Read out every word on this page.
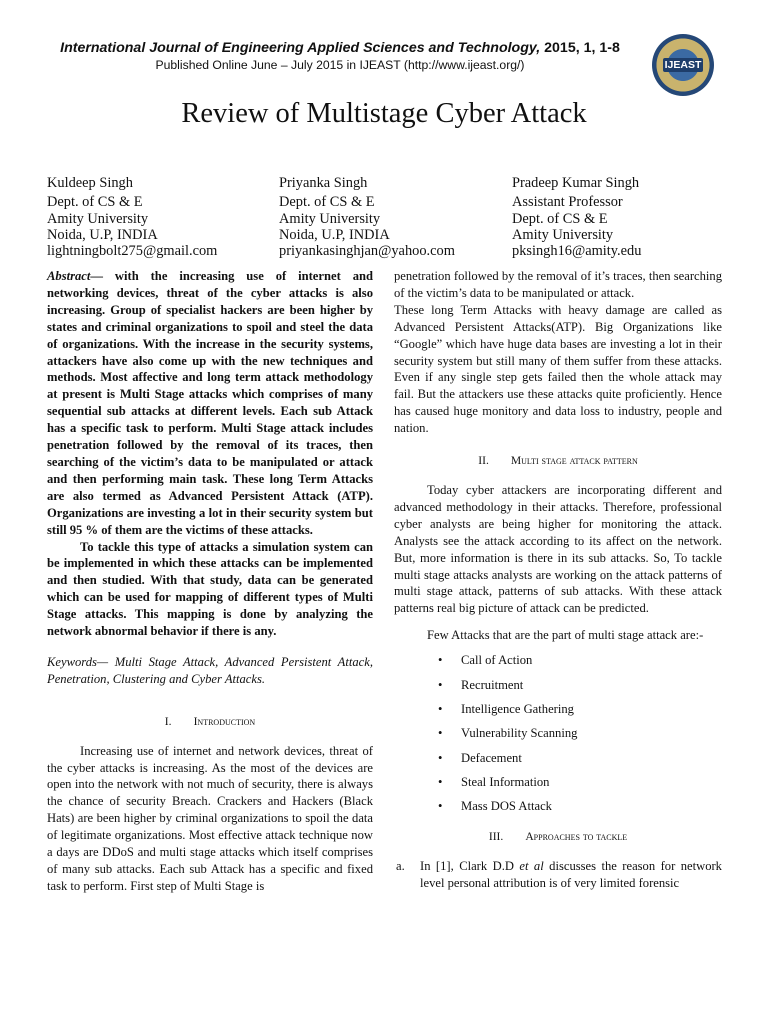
International Journal of Engineering Applied Sciences and Technology, 2015, 1, 1-8
Published Online June – July 2015 in IJEAST (http://www.ijeast.org/)	IJEAST
Review of Multistage Cyber Attack
Kuldeep Singh
Dept. of CS & E
Amity University
Noida, U.P, INDIA
lightningbolt275@gmail.com
Priyanka Singh
Dept. of CS & E
Amity University
Noida, U.P, INDIA
priyankasinghjan@yahoo.com
Pradeep Kumar Singh
Assistant Professor
Dept. of CS & E
Amity University
pksingh16@amity.edu

Abstract— with the increasing use of internet and networking devices, threat of the cyber attacks is also increasing. Group of specialist hackers are been higher by states and criminal organizations to spoil and steel the data of organizations. With the increase in the security systems, attackers have also come up with the new techniques and methods. Most affective and long term attack methodology at present is Multi Stage attacks which comprises of many sequential sub attacks at different levels. Each sub Attack has a specific task to perform. Multi Stage attack includes penetration followed by the removal of its traces, then searching of the victim’s data to be manipulated or attack and then performing main task. These long Term Attacks are also termed as Advanced Persistent Attack (ATP). Organizations are investing a lot in their security system but still 95 % of them are the victims of these attacks.

To tackle this type of attacks a simulation system can be implemented in which these attacks can be implemented and then studied. With that study, data can be generated which can be used for mapping of different types of Multi Stage attacks. This mapping is done by analyzing the network abnormal behavior if there is any.

Keywords— Multi Stage Attack, Advanced Persistent Attack, Penetration, Clustering and Cyber Attacks.

I. Introduction

Increasing use of internet and network devices, threat of the cyber attacks is increasing. As the most of the devices are open into the network with not much of security, there is always the chance of security Breach. Crackers and Hackers (Black Hats) are been higher by criminal organizations to spoil the data of legitimate organizations. Most effective attack technique now a days are DDoS and multi stage attacks which itself comprises of many sub attacks. Each sub Attack has a specific and fixed task to perform. First step of Multi Stage is

penetration followed by the removal of it’s traces, then searching of the victim’s data to be manipulated or attack.

These long Term Attacks with heavy damage are called as Advanced Persistent Attacks(ATP). Big Organizations like “Google” which have huge data bases are investing a lot in their security system but still many of them suffer from these attacks. Even if any single step gets failed then the whole attack may fail. But the attackers use these attacks quite proficiently. Hence has caused huge monitory and data loss to industry, people and nation.

II. Multi stage attack pattern

Today cyber attackers are incorporating different and advanced methodology in their attacks. Therefore, professional cyber analysts are being higher for monitoring the attack. Analysts see the attack according to its affect on the network. But, more information is there in its sub attacks. So, To tackle multi stage attacks analysts are working on the attack patterns of multi stage attack, patterns of sub attacks. With these attack patterns real big picture of attack can be predicted.

Few Attacks that are the part of multi stage attack are:-

• Call of Action
• Recruitment
• Intelligence Gathering
• Vulnerability Scanning
• Defacement
• Steal Information
• Mass DOS Attack
III. Approaches to tackle

a. In [1], Clark D.D et al discusses the reason for network level personal attribution is of very limited forensic
